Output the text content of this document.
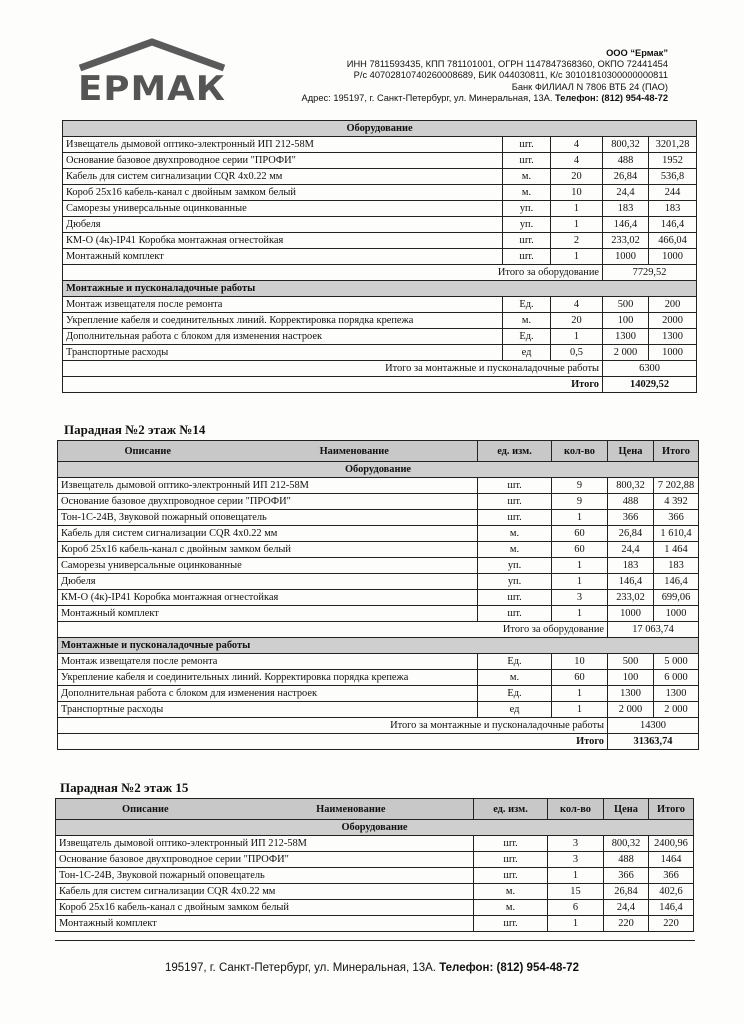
ЕРМАК
ООО “Ермак”
ИНН 7811593435, КПП 781101001, ОГРН 1147847368360, ОКПО 72441454
Р/с 40702810740260008689, БИК 044030811, К/с 30101810300000000811
Банк ФИЛИАЛ N 7806 ВТБ 24 (ПАО)
Адрес: 195197, г. Санкт-Петербург, ул. Минеральная, 13А. Телефон: (812) 954-48-72
Оборудование				
Извещатель дымовой оптико-электронный ИП 212-58М	шт.	4	800,32	3201,28
Основание базовое двухпроводное серии "ПРОФИ"	шт.	4	488	1952
Кабель для систем сигнализации CQR 4x0.22 мм	м.	20	26,84	536,8
Короб 25х16 кабель-канал с двойным замком белый	м.	10	24,4	244
Саморезы универсальные оцинкованные	уп.	1	183	183
Дюбеля	уп.	1	146,4	146,4
КМ-О (4к)-IP41 Коробка монтажная огнестойкая	шт.	2	233,02	466,04
Монтажный комплект	шт.	1	1000	1000
Итого за оборудование			7729,52	
Монтажные и пусконаладочные работы				
Монтаж извещателя после ремонта	Ед.	4	500	200
Укрепление кабеля и соединительных линий. Корректировка порядка крепежа	м.	20	100	2000
Дополнительная работа с блоком для изменения настроек	Ед.	1	1300	1300
Транспортные расходы	ед	0,5	2 000	1000
Итого за монтажные и пусконаладочные работы			6300	
Итого			14029,52	
Парадная №2 этаж №14
Описание Наименование	ед. изм.	кол-во	Цена	Итого
Оборудование				
Извещатель дымовой оптико-электронный ИП 212-58М	шт.	9	800,32	7 202,88
Основание базовое двухпроводное серии "ПРОФИ"	шт.	9	488	4 392
Тон-1С-24В, Звуковой пожарный оповещатель	шт.	1	366	366
Кабель для систем сигнализации CQR 4x0.22 мм	м.	60	26,84	1 610,4
Короб 25х16 кабель-канал с двойным замком белый	м.	60	24,4	1 464
Саморезы универсальные оцинкованные	уп.	1	183	183
Дюбеля	уп.	1	146,4	146,4
КМ-О (4к)-IP41 Коробка монтажная огнестойкая	шт.	3	233,02	699,06
Монтажный комплект	шт.	1	1000	1000
Итого за оборудование			17 063,74	
Монтажные и пусконаладочные работы				
Монтаж извещателя после ремонта	Ед.	10	500	5 000
Укрепление кабеля и соединительных линий. Корректировка порядка крепежа	м.	60	100	6 000
Дополнительная работа с блоком для изменения настроек	Ед.	1	1300	1300
Транспортные расходы	ед	1	2 000	2 000
Итого за монтажные и пусконаладочные работы			14300	
Итого			31363,74	
Парадная №2 этаж 15
Описание Наименование	ед. изм.	кол-во	Цена	Итого
Оборудование				
Извещатель дымовой оптико-электронный ИП 212-58М	шт.	3	800,32	2400,96
Основание базовое двухпроводное серии "ПРОФИ"	шт.	3	488	1464
Тон-1С-24В, Звуковой пожарный оповещатель	шт.	1	366	366
Кабель для систем сигнализации CQR 4x0.22 мм	м.	15	26,84	402,6
Короб 25х16 кабель-канал с двойным замком белый	м.	6	24,4	146,4
Монтажный комплект	шт.	1	220	220
195197, г. Санкт-Петербург, ул. Минеральная, 13А. Телефон: (812) 954-48-72
